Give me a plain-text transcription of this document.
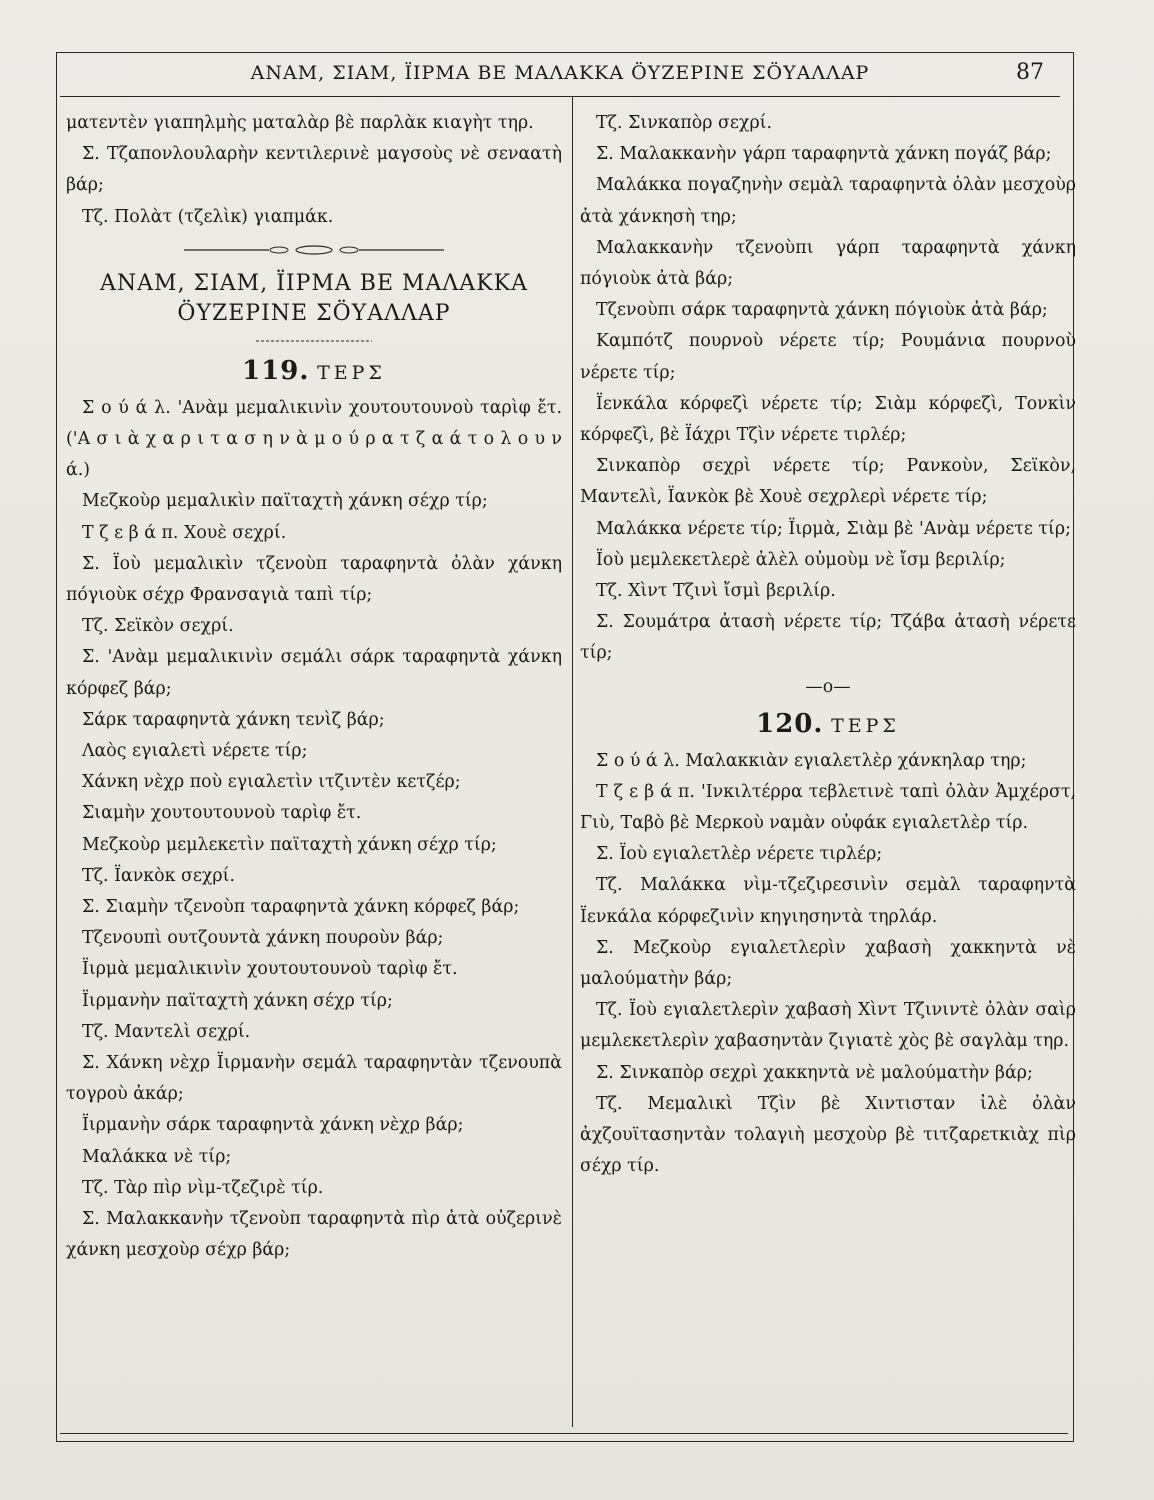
ΑΝΑΜ, ΣΙΑΜ, ΪΙΡΜΑ ΒΕ ΜΑΛΑΚΚΑ ÖΥΖΕΡΙΝΕ ΣÖΥΑΛΛΑΡ	87

ματεντὲν γιαπηλμὴς ματαλὰρ βὲ παρλὰκ κιαγὴτ τηρ.

Σ. Τζαπονλουλαρὴν κεντιλερινὲ μαγσοὺς νὲ σεναατὴ βάρ;

Τζ. Πολὰτ (τζελὶκ) γιαπμάκ.

ΑΝΑΜ, ΣΙΑΜ, ΪΙΡΜΑ ΒΕ ΜΑΛΑΚΚΑ
ÖΥΖΕΡΙΝΕ ΣÖΥΑΛΛΑΡ
119. ΤΕΡΣ

Σ ο ύ ά λ. 'Ανὰμ μεμαλικινὶν χουτουτουνοὺ ταρὶφ ἔτ. ('Α σ ι ὰ χ α ρ ι τ α σ η ν ὰ μ ο ύ ρ α τ ζ α ά τ ο λ ο υ ν ά.)

Μεζκοὺρ μεμαλικὶν παϊταχτὴ χάνκη σέχρ τίρ;

Τ ζ ε β ά π. Χουὲ σεχρί.

Σ. Ϊοὺ μεμαλικὶν τζενοὺπ ταραφηντὰ ὀλὰν χάνκη πόγιοὺκ σέχρ Φρανσαγιὰ ταπὶ τίρ;

Τζ. Σεϊκὸν σεχρί.

Σ. 'Ανὰμ μεμαλικινὶν σεμάλι σάρκ ταραφηντὰ χάνκη κόρφεζ βάρ;

Σάρκ ταραφηντὰ χάνκη τενὶζ βάρ;

Λαὸς εγιαλετὶ νέρετε τίρ;

Χάνκη νὲχρ ποὺ εγιαλετὶν ιτζιντὲν κετζέρ;

Σιαμὴν χουτουτουνοὺ ταρὶφ ἔτ.

Μεζκοὺρ μεμλεκετὶν παϊταχτὴ χάνκη σέχρ τίρ;

Τζ. Ϊανκὸκ σεχρί.

Σ. Σιαμὴν τζενοὺπ ταραφηντὰ χάνκη κόρφεζ βάρ;

Τζενουπὶ ουτζουντὰ χάνκη πουροὺν βάρ;

Ϊιρμὰ μεμαλικινὶν χουτουτουνοὺ ταρὶφ ἔτ.

Ϊιρμανὴν παϊταχτὴ χάνκη σέχρ τίρ;

Τζ. Μαντελὶ σεχρί.

Σ. Χάνκη νὲχρ Ϊιρμανὴν σεμάλ ταραφηντὰν τζενουπὰ τογροὺ ἀκάρ;

Ϊιρμανὴν σάρκ ταραφηντὰ χάνκη νὲχρ βάρ;

Μαλάκκα νὲ τίρ;

Τζ. Τὰρ πὶρ νὶμ-τζεζιρὲ τίρ.

Σ. Μαλακκανὴν τζενοὺπ ταραφηντὰ πὶρ ἀτὰ οὐζερινὲ χάνκη μεσχοὺρ σέχρ βάρ;

Τζ. Σινκαπὸρ σεχρί.

Σ. Μαλακκανὴν γάρπ ταραφηντὰ χάνκη πογάζ βάρ;

Μαλάκκα πογαζηνὴν σεμὰλ ταραφηντὰ ὀλὰν μεσχοὺρ ἀτὰ χάνκησὴ τηρ;

Μαλακκανὴν τζενοὺπι γάρπ ταραφηντὰ χάνκη πόγιοὺκ ἀτὰ βάρ;

Τζενοὺπι σάρκ ταραφηντὰ χάνκη πόγιοὺκ ἀτὰ βάρ;

Καμπότζ πουρνοὺ νέρετε τίρ; Ρουμάνια πουρνοὺ νέρετε τίρ;

Ϊενκάλα κόρφεζὶ νέρετε τίρ; Σιὰμ κόρφεζὶ, Τονκὶν κόρφεζὶ, βὲ Ϊάχρι Τζὶν νέρετε τιρλέρ;

Σινκαπὸρ σεχρὶ νέρετε τίρ; Ρανκοὺν, Σεϊκὸν, Μαντελὶ, Ϊανκὸκ βὲ Χουὲ σεχρλερὶ νέρετε τίρ;

Μαλάκκα νέρετε τίρ; Ϊιρμὰ, Σιὰμ βὲ 'Ανὰμ νέρετε τίρ;

Ϊοὺ μεμλεκετλερὲ ἀλὲλ οὐμοὺμ νὲ ἴσμ βεριλίρ;

Τζ. Χὶντ Τζινὶ ἴσμὶ βεριλίρ.

Σ. Σουμάτρα ἀτασὴ νέρετε τίρ; Τζάβα ἀτασὴ νέρετε τίρ;

—ο—
120. ΤΕΡΣ

Σ ο ύ ά λ. Μαλακκιὰν εγιαλετλὲρ χάνκηλαρ τηρ;

Τ ζ ε β ά π. 'Ινκιλτέρρα τεβλετινὲ ταπὶ ὀλὰν Ἀμχέρστ, Γιὺ, Ταβὸ βὲ Μερκοὺ ναμὰν οὐφάκ εγιαλετλὲρ τίρ.

Σ. Ϊοὺ εγιαλετλὲρ νέρετε τιρλέρ;

Τζ. Μαλάκκα νὶμ-τζεζιρεσινὶν σεμὰλ ταραφηντὰ Ϊενκάλα κόρφεζινὶν κηγιησηντὰ τηρλάρ.

Σ. Μεζκοὺρ εγιαλετλερὶν χαβασὴ χακκηντὰ νὲ μαλούματὴν βάρ;

Τζ. Ϊοὺ εγιαλετλερὶν χαβασὴ Χὶντ Τζινιντὲ ὀλὰν σαὶρ μεμλεκετλερὶν χαβασηντὰν ζιγιατὲ χὸς βὲ σαγλὰμ τηρ.

Σ. Σινκαπὸρ σεχρὶ χακκηντὰ νὲ μαλούματὴν βάρ;

Τζ. Μεμαλικὶ Τζὶν βὲ Χιντισταν ἰλὲ ὀλὰν ἀχζουϊτασηντὰν τολαγιὴ μεσχοὺρ βὲ τιτζαρετκιὰχ πὶρ σέχρ τίρ.
